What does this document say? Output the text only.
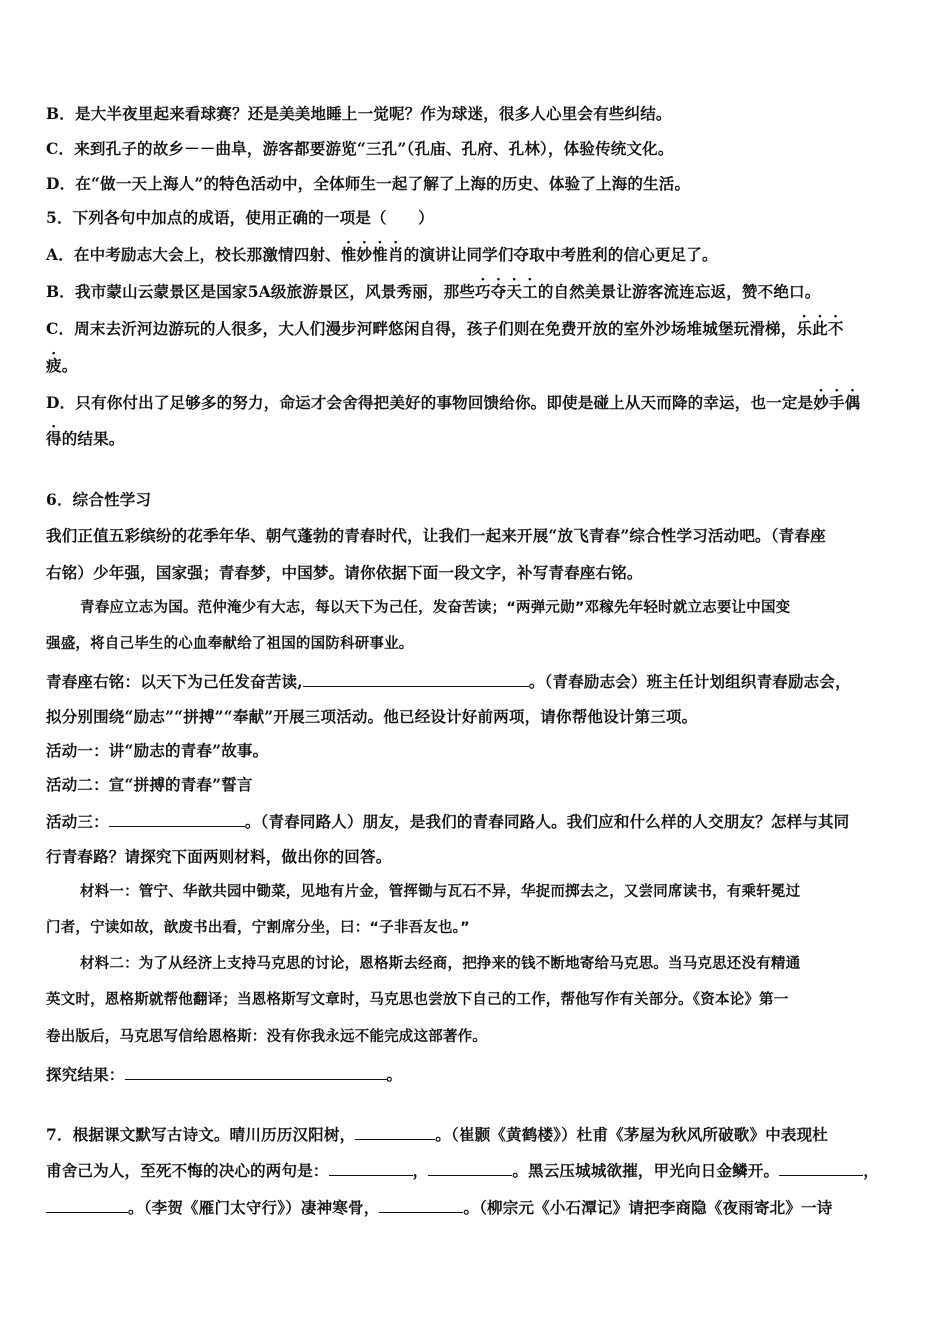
B．是大半夜里起来看球赛？还是美美地睡上一觉呢？作为球迷，很多人心里会有些纠结。
C．来到孔子的故乡－－曲阜，游客都要游览“三孔”（孔庙、孔府、孔林），体验传统文化。
D．在“做一天上海人”的特色活动中，全体师生一起了解了上海的历史、体验了上海的生活。
5．下列各句中加点的成语，使用正确的一项是（　　）
A．在中考励志大会上，校长那激情四射、惟妙惟肖的演讲让同学们夺取中考胜利的信心更足了。
B．我市蒙山云蒙景区是国家5A级旅游景区，风景秀丽，那些巧夺天工的自然美景让游客流连忘返，赞不绝口。
C．周末去沂河边游玩的人很多，大人们漫步河畔悠闲自得，孩子们则在免费开放的室外沙场堆城堡玩滑梯，乐此不
疲。
D．只有你付出了足够多的努力，命运才会舍得把美好的事物回馈给你。即使是碰上从天而降的幸运，也一定是妙手偶
得的结果。
6．综合性学习
我们正值五彩缤纷的花季年华、朝气蓬勃的青春时代，让我们一起来开展“放飞青春”综合性学习活动吧。（青春座
右铭）少年强，国家强；青春梦，中国梦。请你依据下面一段文字，补写青春座右铭。
青春应立志为国。范仲淹少有大志，每以天下为己任，发奋苦读；“两弹元勋”邓稼先年轻时就立志要让中国变
强盛，将自己毕生的心血奉献给了祖国的国防科研事业。
青春座右铭：以天下为己任发奋苦读,	。（青春励志会）班主任计划组织青春励志会，
拟分别围绕“励志”“拼搏”“奉献”开展三项活动。他已经设计好前两项，请你帮他设计第三项。
活动一：讲“励志的青春”故事。
活动二：宣“拼搏的青春”誓言
活动三：	。（青春同路人）朋友，是我们的青春同路人。我们应和什么样的人交朋友？怎样与其同
行青春路？请探究下面两则材料，做出你的回答。
材料一：管宁、华歆共园中锄菜，见地有片金，管挥锄与瓦石不异，华捉而掷去之，又尝同席读书，有乘轩冕过
门者，宁读如故，歆废书出看，宁割席分坐，曰：“子非吾友也。”
材料二：为了从经济上支持马克思的讨论，恩格斯去经商，把挣来的钱不断地寄给马克思。当马克思还没有精通
英文时，恩格斯就帮他翻译；当恩格斯写文章时，马克思也尝放下自己的工作，帮他写作有关部分。《资本论》第一
卷出版后，马克思写信给恩格斯：没有你我永远不能完成这部著作。
探究结果：	。
7．根据课文默写古诗文。晴川历历汉阳树，	。（崔颢《黄鹤楼》）杜甫《茅屋为秋风所破歌》中表现杜
甫舍己为人，至死不悔的决心的两句是：	，	。黑云压城城欲摧，甲光向日金鳞开。	，
。（李贺《雁门太守行》）凄神寒骨，	。（柳宗元《小石潭记》请把李商隐《夜雨寄北》一诗
